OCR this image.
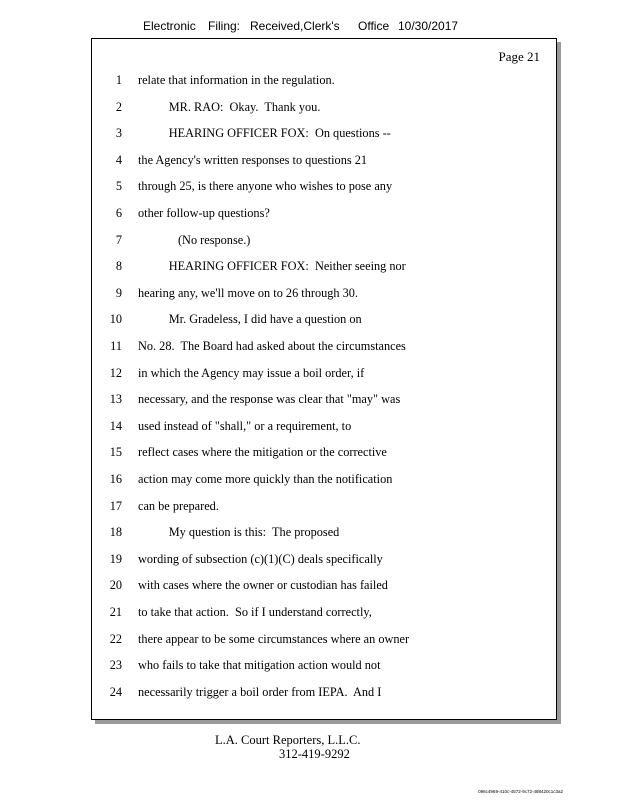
Electronic Filing: Received,Clerk's Office 10/30/2017
Page 21
1 relate that information in the regulation.
2 MR. RAO:  Okay.  Thank you.
3 HEARING OFFICER FOX:  On questions --
4 the Agency's written responses to questions 21
5 through 25, is there anyone who wishes to pose any
6 other follow-up questions?
7 (No response.)
8 HEARING OFFICER FOX:  Neither seeing nor
9 hearing any, we'll move on to 26 through 30.
10 Mr. Gradeless, I did have a question on
11 No. 28.  The Board had asked about the circumstances
12 in which the Agency may issue a boil order, if
13 necessary, and the response was clear that "may" was
14 used instead of "shall," or a requirement, to
15 reflect cases where the mitigation or the corrective
16 action may come more quickly than the notification
17 can be prepared.
18 My question is this:  The proposed
19 wording of subsection (c)(1)(C) deals specifically
20 with cases where the owner or custodian has failed
21 to take that action.  So if I understand correctly,
22 there appear to be some circumstances where an owner
23 who fails to take that mitigation action would not
24 necessarily trigger a boil order from IEPA.  And I
L.A. Court Reporters, L.L.C.
312-419-9292
096c4969-410c-4572-9c72-488420c1c3a2
